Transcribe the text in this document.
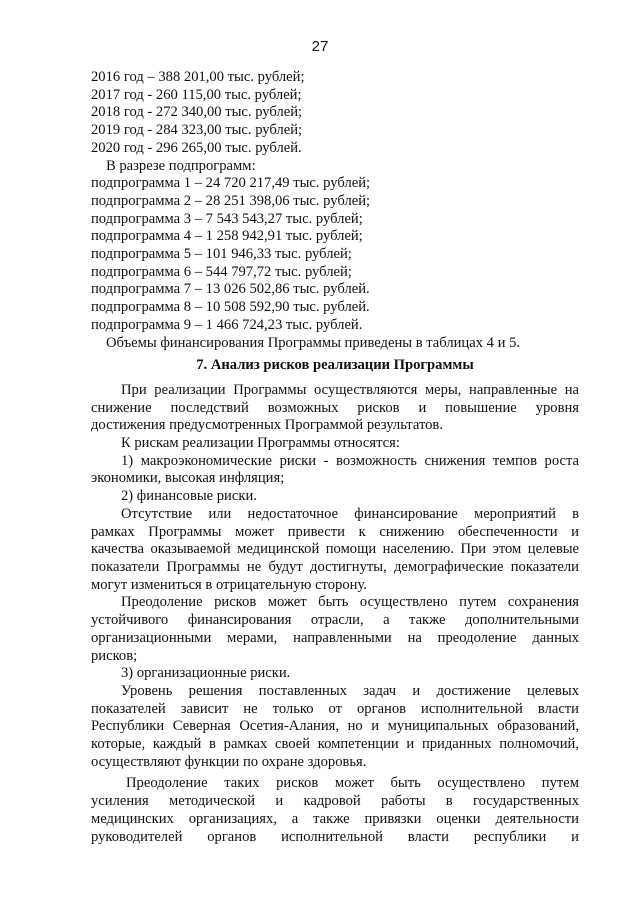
27
2016 год – 388 201,00 тыс. рублей;
2017 год - 260 115,00 тыс. рублей;
2018 год - 272 340,00 тыс. рублей;
2019 год - 284 323,00 тыс. рублей;
2020 год - 296 265,00 тыс. рублей.
В разрезе подпрограмм:
подпрограмма 1 – 24 720 217,49 тыс. рублей;
подпрограмма 2 – 28 251 398,06 тыс. рублей;
подпрограмма 3 – 7 543 543,27 тыс. рублей;
подпрограмма 4 – 1 258 942,91 тыс. рублей;
подпрограмма 5 – 101 946,33 тыс. рублей;
подпрограмма 6 – 544 797,72 тыс. рублей;
подпрограмма 7 – 13 026 502,86 тыс. рублей.
подпрограмма 8 – 10 508 592,90 тыс. рублей.
подпрограмма 9 – 1 466 724,23 тыс. рублей.
Объемы финансирования Программы приведены в таблицах 4 и 5.
7. Анализ рисков реализации Программы
При реализации Программы осуществляются меры, направленные на
снижение последствий возможных рисков и повышение уровня
достижения предусмотренных Программой результатов.
К рискам реализации Программы относятся:
1) макроэкономические риски - возможность снижения темпов роста
экономики, высокая инфляция;
2) финансовые риски.
Отсутствие или недостаточное финансирование мероприятий в
рамках Программы может привести к снижению обеспеченности и
качества оказываемой медицинской помощи населению. При этом целевые
показатели Программы не будут достигнуты, демографические показатели
могут измениться в отрицательную сторону.
Преодоление рисков может быть осуществлено путем сохранения
устойчивого финансирования отрасли, а также дополнительными
организационными мерами, направленными на преодоление данных
рисков;
3) организационные риски.
Уровень решения поставленных задач и достижение целевых
показателей зависит не только от органов исполнительной власти
Республики Северная Осетия-Алания, но и муниципальных образований,
которые, каждый в рамках своей компетенции и приданных полномочий,
осуществляют функции по охране здоровья.
Преодоление таких рисков может быть осуществлено путем
усиления методической и кадровой работы в государственных
медицинских организациях, а также привязки оценки деятельности
руководителей органов исполнительной власти республики и
